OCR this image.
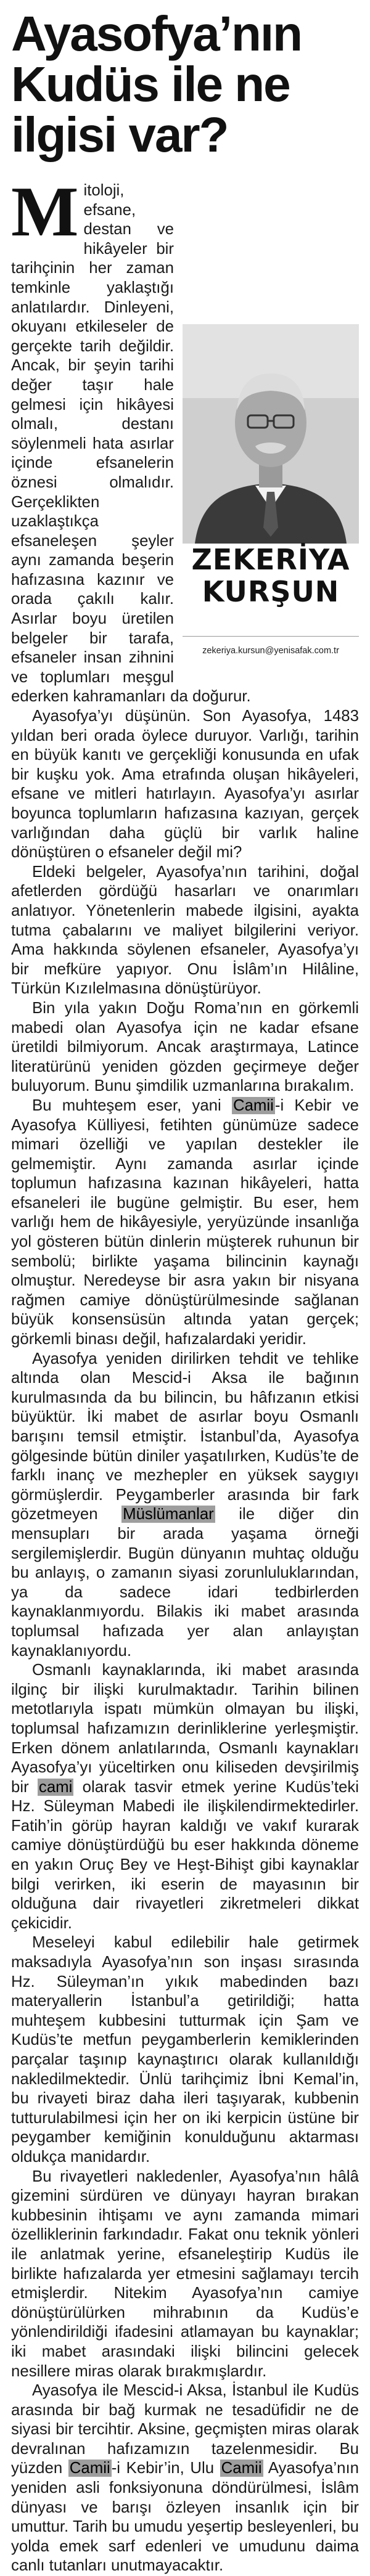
Ayasofya’nın
Kudüs ile ne
ilgisi var?
ZEKERİYA
KURŞUN
zekeriya.kursun@yenisafak.com.tr

Mitoloji, efsane, destan ve hikâyeler bir tarihçinin her zaman temkinle yaklaştığı anlatılardır. Dinleyeni, okuyanı etkileseler de gerçekte tarih değildir. Ancak, bir şeyin tarihi değer taşır hale gelmesi için hikâyesi olmalı, destanı söylenmeli hata asırlar içinde efsanelerin öznesi olmalıdır. Gerçeklikten uzaklaştıkça efsaneleşen şeyler aynı zamanda beşerin hafızasına kazınır ve orada çakılı kalır. Asırlar boyu üretilen belgeler bir tarafa, efsaneler insan zihnini ve toplumları meşgul ederken kahramanları da doğurur.

Ayasofya’yı düşünün. Son Ayasofya, 1483 yıldan beri orada öylece duruyor. Varlığı, tarihin en büyük kanıtı ve gerçekliği konusunda en ufak bir kuşku yok. Ama etrafında oluşan hikâyeleri, efsane ve mitleri hatırlayın. Ayasofya’yı asırlar boyunca toplumların hafızasına kazıyan, gerçek varlığından daha güçlü bir varlık haline dönüştüren o efsaneler değil mi?

Eldeki belgeler, Ayasofya’nın tarihini, doğal afetlerden gördüğü hasarları ve onarımları anlatıyor. Yönetenlerin mabede ilgisini, ayakta tutma çabalarını ve maliyet bilgilerini veriyor. Ama hakkında söylenen efsaneler, Ayasofya’yı bir mefküre yapıyor. Onu İslâm’ın Hilâline, Türkün Kızılelmasına dönüştürüyor.

Bin yıla yakın Doğu Roma’nın en görkemli mabedi olan Ayasofya için ne kadar efsane üretildi bilmiyorum. Ancak araştırmaya, Latince literatürünü yeniden gözden geçirmeye değer buluyorum. Bunu şimdilik uzmanlarına bırakalım.

Bu muhteşem eser, yani Camii-i Kebir ve Ayasofya Külliyesi, fetihten günümüze sadece mimari özelliği ve yapılan destekler ile gelmemiştir. Aynı zamanda asırlar içinde toplumun hafızasına kazınan hikâyeleri, hatta efsaneleri ile bugüne gelmiştir. Bu eser, hem varlığı hem de hikâyesiyle, yeryüzünde insanlığa yol gösteren bütün dinlerin müşterek ruhunun bir sembolü; birlikte yaşama bilincinin kaynağı olmuştur. Neredeyse bir asra yakın bir nisyana rağmen camiye dönüştürülmesinde sağlanan büyük konsensüsün altında yatan gerçek; görkemli binası değil, hafızalardaki yeridir.

Ayasofya yeniden dirilirken tehdit ve tehlike altında olan Mescid-i Aksa ile bağının kurulmasında da bu bilincin, bu hâfızanın etkisi büyüktür. İki mabet de asırlar boyu Osmanlı barışını temsil etmiştir. İstanbul’da, Ayasofya gölgesinde bütün diniler yaşatılırken, Kudüs’te de farklı inanç ve mezhepler en yüksek saygıyı görmüşlerdir. Peygamberler arasında bir fark gözetmeyen Müslümanlar ile diğer din mensupları bir arada yaşama örneği sergilemişlerdir. Bugün dünyanın muhtaç olduğu bu anlayış, o zamanın siyasi zorunluluklarından, ya da sadece idari tedbirlerden kaynaklanmıyordu. Bilakis iki mabet arasında toplumsal hafızada yer alan anlayıştan kaynaklanıyordu.

Osmanlı kaynaklarında, iki mabet arasında ilginç bir ilişki kurulmaktadır. Tarihin bilinen metotlarıyla ispatı mümkün olmayan bu ilişki, toplumsal hafızamızın derinliklerine yerleşmiştir. Erken dönem anlatılarında, Osmanlı kaynakları Ayasofya’yı yüceltirken onu kiliseden devşirilmiş bir cami olarak tasvir etmek yerine Kudüs’teki Hz. Süleyman Mabedi ile ilişkilendirmektedirler. Fatih’in görüp hayran kaldığı ve vakıf kurarak camiye dönüştürdüğü bu eser hakkında döneme en yakın Oruç Bey ve Heşt-Bihişt gibi kaynaklar bilgi verirken, iki eserin de mayasının bir olduğuna dair rivayetleri zikretmeleri dikkat çekicidir.

Meseleyi kabul edilebilir hale getirmek maksadıyla Ayasofya’nın son inşası sırasında Hz. Süleyman’ın yıkık mabedinden bazı materyallerin İstanbul’a getirildiği; hatta muhteşem kubbesini tutturmak için Şam ve Kudüs’te metfun peygamberlerin kemiklerinden parçalar taşınıp kaynaştırıcı olarak kullanıldığı nakledilmektedir. Ünlü tarihçimiz İbni Kemal’in, bu rivayeti biraz daha ileri taşıyarak, kubbenin tutturulabilmesi için her on iki kerpicin üstüne bir peygamber kemiğinin konulduğunu aktarması oldukça manidardır.

Bu rivayetleri nakledenler, Ayasofya’nın hâlâ gizemini sürdüren ve dünyayı hayran bırakan kubbesinin ihtişamı ve aynı zamanda mimari özelliklerinin farkındadır. Fakat onu teknik yönleri ile anlatmak yerine, efsaneleştirip Kudüs ile birlikte hafızalarda yer etmesini sağlamayı tercih etmişlerdir. Nitekim Ayasofya’nın camiye dönüştürülürken mihrabının da Kudüs’e yönlendirildiği ifadesini atlamayan bu kaynaklar; iki mabet arasındaki ilişki bilincini gelecek nesillere miras olarak bırakmışlardır.

Ayasofya ile Mescid-i Aksa, İstanbul ile Kudüs arasında bir bağ kurmak ne tesadüfidir ne de siyasi bir tercihtir. Aksine, geçmişten miras olarak devralınan hafızamızın tazelenmesidir. Bu yüzden Camii-i Kebir’in, Ulu Camii Ayasofya’nın yeniden asli fonksiyonuna döndürülmesi, İslâm dünyası ve barışı özleyen insanlık için bir umuttur. Tarih bu umudu yeşertip besleyenleri, bu yolda emek sarf edenleri ve umudunu daima canlı tutanları unutmayacaktır.
